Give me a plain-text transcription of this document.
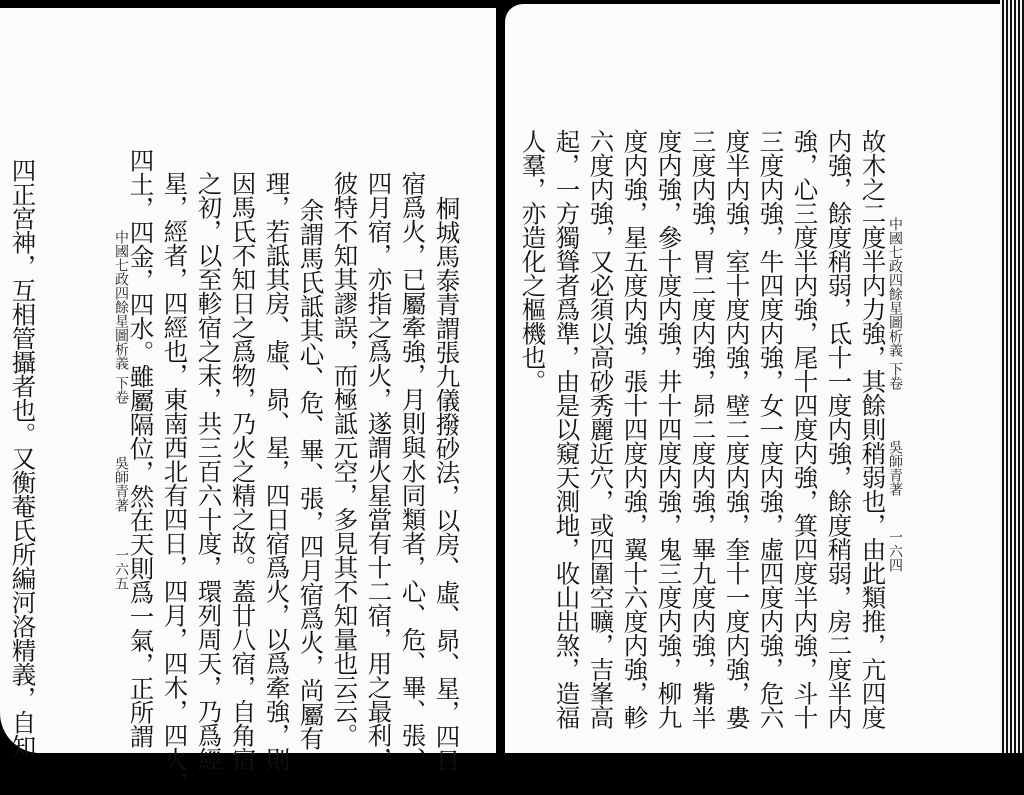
中國七政四餘星圖析義
下卷
吳師青著
一六五	桐城馬泰青謂張九儀撥砂法，以房、虛、昴、星，四日
宿爲火，已屬牽強，月則與水同類者，心、危、畢、張、
四月宿，亦指之爲火，遂謂火星當有十二宿，用之最利，
彼特不知其謬誤，而極詆元空，多見其不知量也云云。
余謂馬氏詆其心、危、畢、張，四月宿爲火，尚屬有
理，若詆其房、虛、昴、星，四日宿爲火，以爲牽強，則
因馬氏不知日之爲物，乃火之精之故。蓋廿八宿，自角宿
之初，以至軫宿之末，共三百六十度，環列周天，乃爲經
星，經者，四經也，東南西北有四日，四月，四木，四火，
四土，四金，四水。雖屬隔位，然在天則爲一氣，正所謂
四正宮神，互相管攝者也。又衡菴氏所編河洛精義，自知	中國七政四餘星圖析義
下卷
吳師青著
一六四
故木之二度半内力強，其餘則稍弱也，由此類推，亢四度
内強，餘度稍弱，氐十一度内強，餘度稍弱，房二度半内
強，心三度半内強，尾十四度内強，箕四度半内強，斗十
三度内強，牛四度内強，女一度内強，虛四度内強，危六
度半内強，室十度内強，壁二度内強，奎十一度内強，婁
三度内強，胃二度内強，昴二度内強，畢九度内強，觜半
度内強，參十度内強，井十四度内強，鬼三度内強，柳九
度内強，星五度内強，張十四度内強，翼十六度内強，軫
六度内強，又必須以高砂秀麗近穴，或四圍空曠，吉峯高
起，一方獨聳者爲準，由是以窺天測地，收山出煞，造福
人羣，亦造化之樞機也。
